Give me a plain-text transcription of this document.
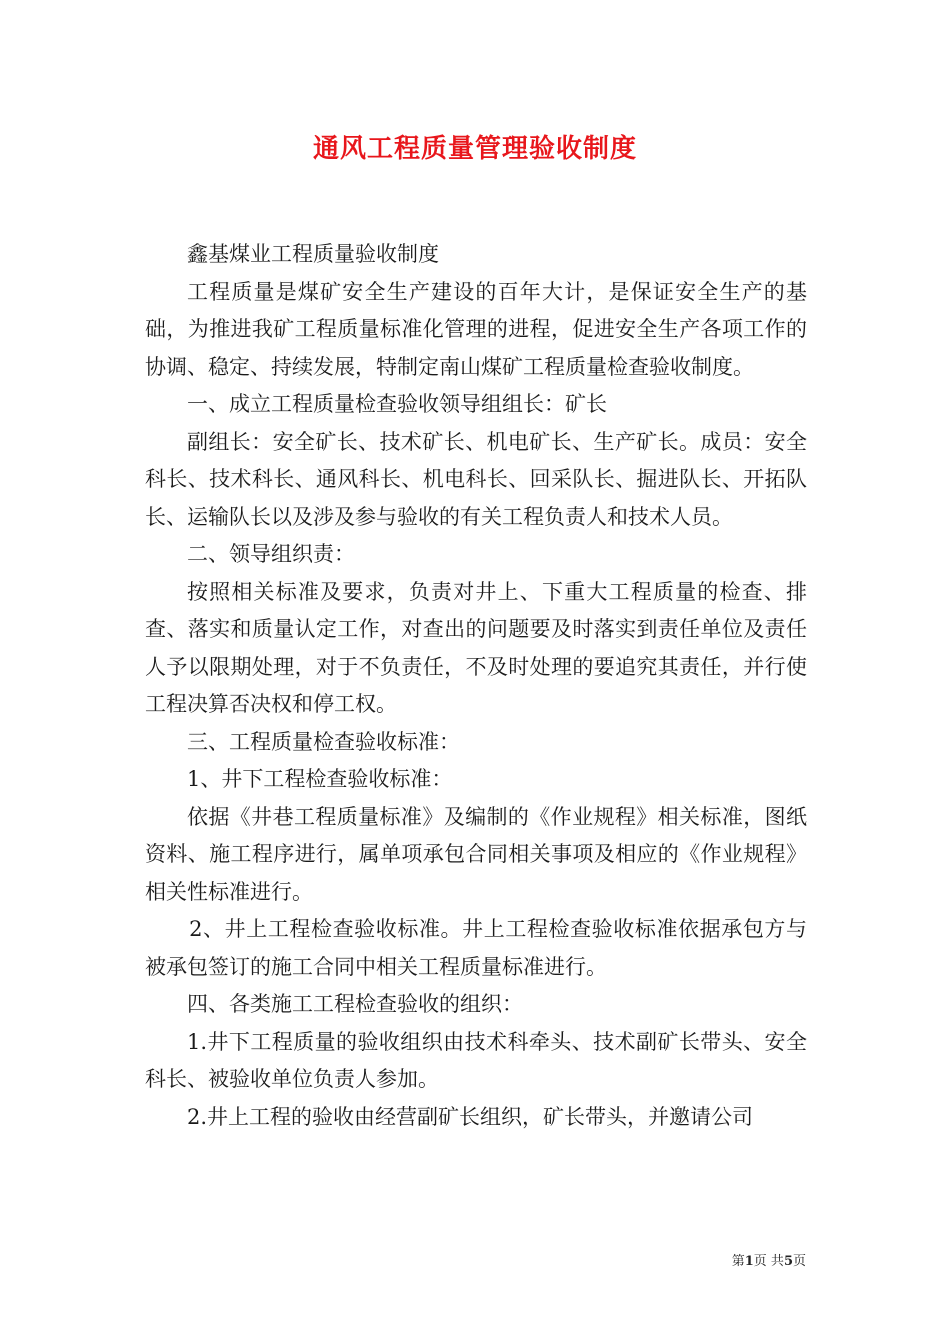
通风工程质量管理验收制度

鑫基煤业工程质量验收制度

工程质量是煤矿安全生产建设的百年大计，是保证安全生产的基础，为推进我矿工程质量标准化管理的进程，促进安全生产各项工作的协调、稳定、持续发展，特制定南山煤矿工程质量检查验收制度。

一、成立工程质量检查验收领导组组长：矿长

副组长：安全矿长、技术矿长、机电矿长、生产矿长。成员：安全科长、技术科长、通风科长、机电科长、回采队长、掘进队长、开拓队长、运输队长以及涉及参与验收的有关工程负责人和技术人员。

二、领导组织责：

按照相关标准及要求，负责对井上、下重大工程质量的检查、排查、落实和质量认定工作，对查出的问题要及时落实到责任单位及责任人予以限期处理，对于不负责任，不及时处理的要追究其责任，并行使工程决算否决权和停工权。

三、工程质量检查验收标准：

1、井下工程检查验收标准：

依据《井巷工程质量标准》及编制的《作业规程》相关标准，图纸资料、施工程序进行，属单项承包合同相关事项及相应的《作业规程》相关性标准进行。

2、井上工程检查验收标准。井上工程检查验收标准依据承包方与被承包签订的施工合同中相关工程质量标准进行。

四、各类施工工程检查验收的组织：

1.井下工程质量的验收组织由技术科牵头、技术副矿长带头、安全科长、被验收单位负责人参加。

2.井上工程的验收由经营副矿长组织，矿长带头，并邀请公司

第1页 共5页
